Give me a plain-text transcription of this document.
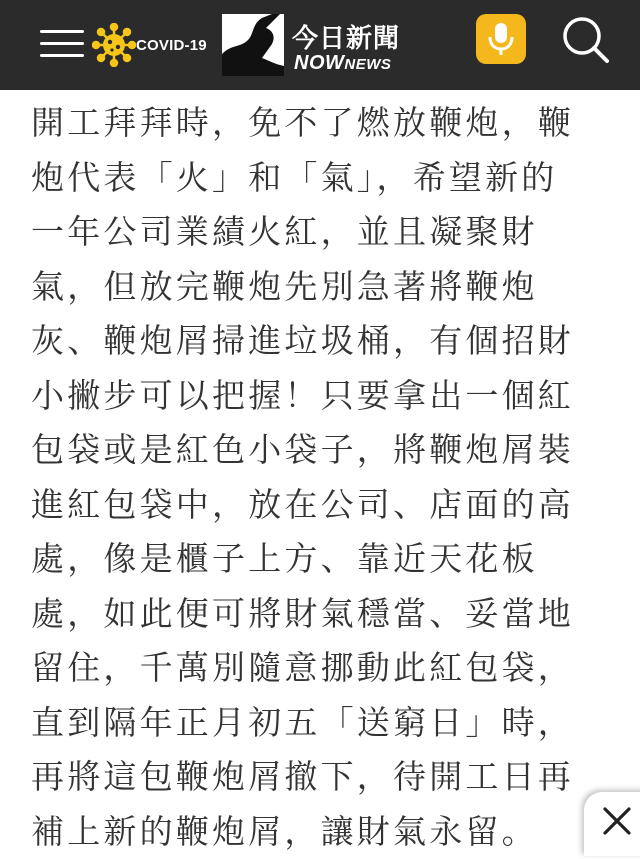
COVID-19	今日新聞
NOWNEWS

開工拜拜時，免不了燃放鞭炮，鞭

炮代表「火」和「氣」，希望新的

一年公司業績火紅，並且凝聚財

氣，但放完鞭炮先別急著將鞭炮

灰、鞭炮屑掃進垃圾桶，有個招財

小撇步可以把握！只要拿出一個紅

包袋或是紅色小袋子，將鞭炮屑裝

進紅包袋中，放在公司、店面的高

處，像是櫃子上方、靠近天花板

處，如此便可將財氣穩當、妥當地

留住，千萬別隨意挪動此紅包袋，

直到隔年正月初五「送窮日」時，

再將這包鞭炮屑撤下，待開工日再

補上新的鞭炮屑，讓財氣永留。
